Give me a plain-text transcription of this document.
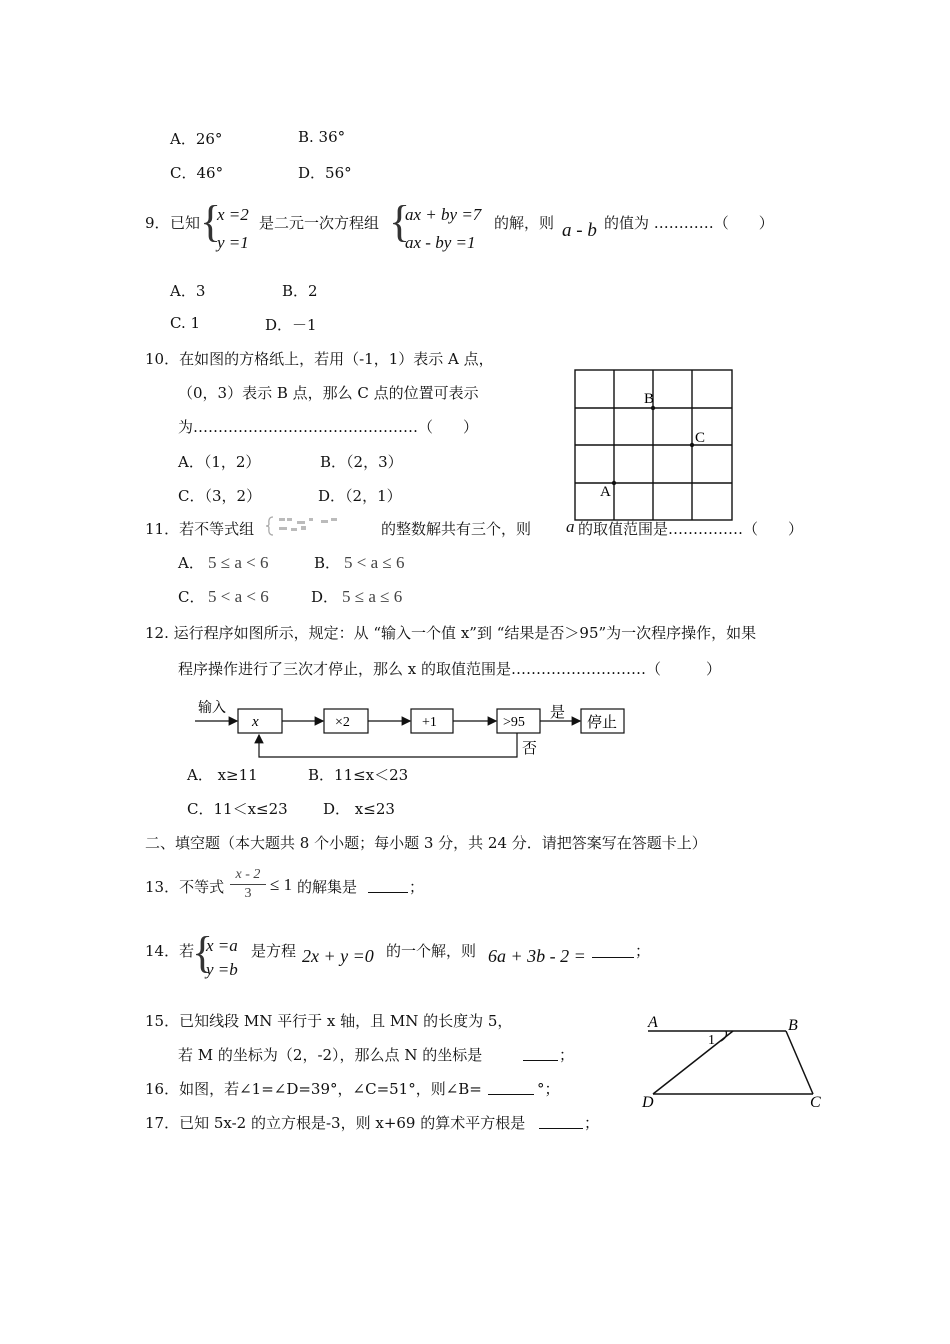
A．26°	B. 36°
C．46°	D．56°
9． 已知 {
x =2
y =1
是二元一次方程组 {
ax + by =7
ax - by =1
的解，则 a - b 的值为 …………（　　）
A．3	B．2
C. 1	D．－1
10．在如图的方格纸上，若用（-1，1）表示 A 点，
（0，3）表示 B 点，那么 C 点的位置可表示
为………………………………………（　　）
A．（1，2）	B．（2，3）
C．（3，2）	D．（2，1）
B
C
A
11．若不等式组	的整数解共有三个，则 a 的取值范围是……………（　　）
A． 5 ≤ a < 6	B． 5 < a ≤ 6
C． 5 < a < 6	D． 5 ≤ a ≤ 6
12. 运行程序如图所示，规定：从 “输入一个值 x”到 “结果是否＞95”为一次程序操作，如果
程序操作进行了三次才停止，那么 x 的取值范围是………………………（　　　）
输入
x	×2	+1	>95
是
停止
否
A． x≥11	B．11≤x＜23
C．11＜x≤23 D． x≤23
二、填空题（本大题共 8 个小题；每小题 3 分，共 24 分．请把答案写在答题卡上）
13．不等式
x - 2
3	≤ 1 的解集是	；
14．若
{
x =a
y =b
是方程 2x + y =0 的一个解，则 6a + 3b - 2 =	；
15．已知线段 MN 平行于 x 轴，且 MN 的长度为 5，
若 M 的坐标为（2，-2），那么点 N 的坐标是	；
16．如图，若∠1=∠D=39°，∠C=51°，则∠B=	°；
A	B
C
D
1
17．已知 5x-2 的立方根是-3，则 x+69 的算术平方根是	；
